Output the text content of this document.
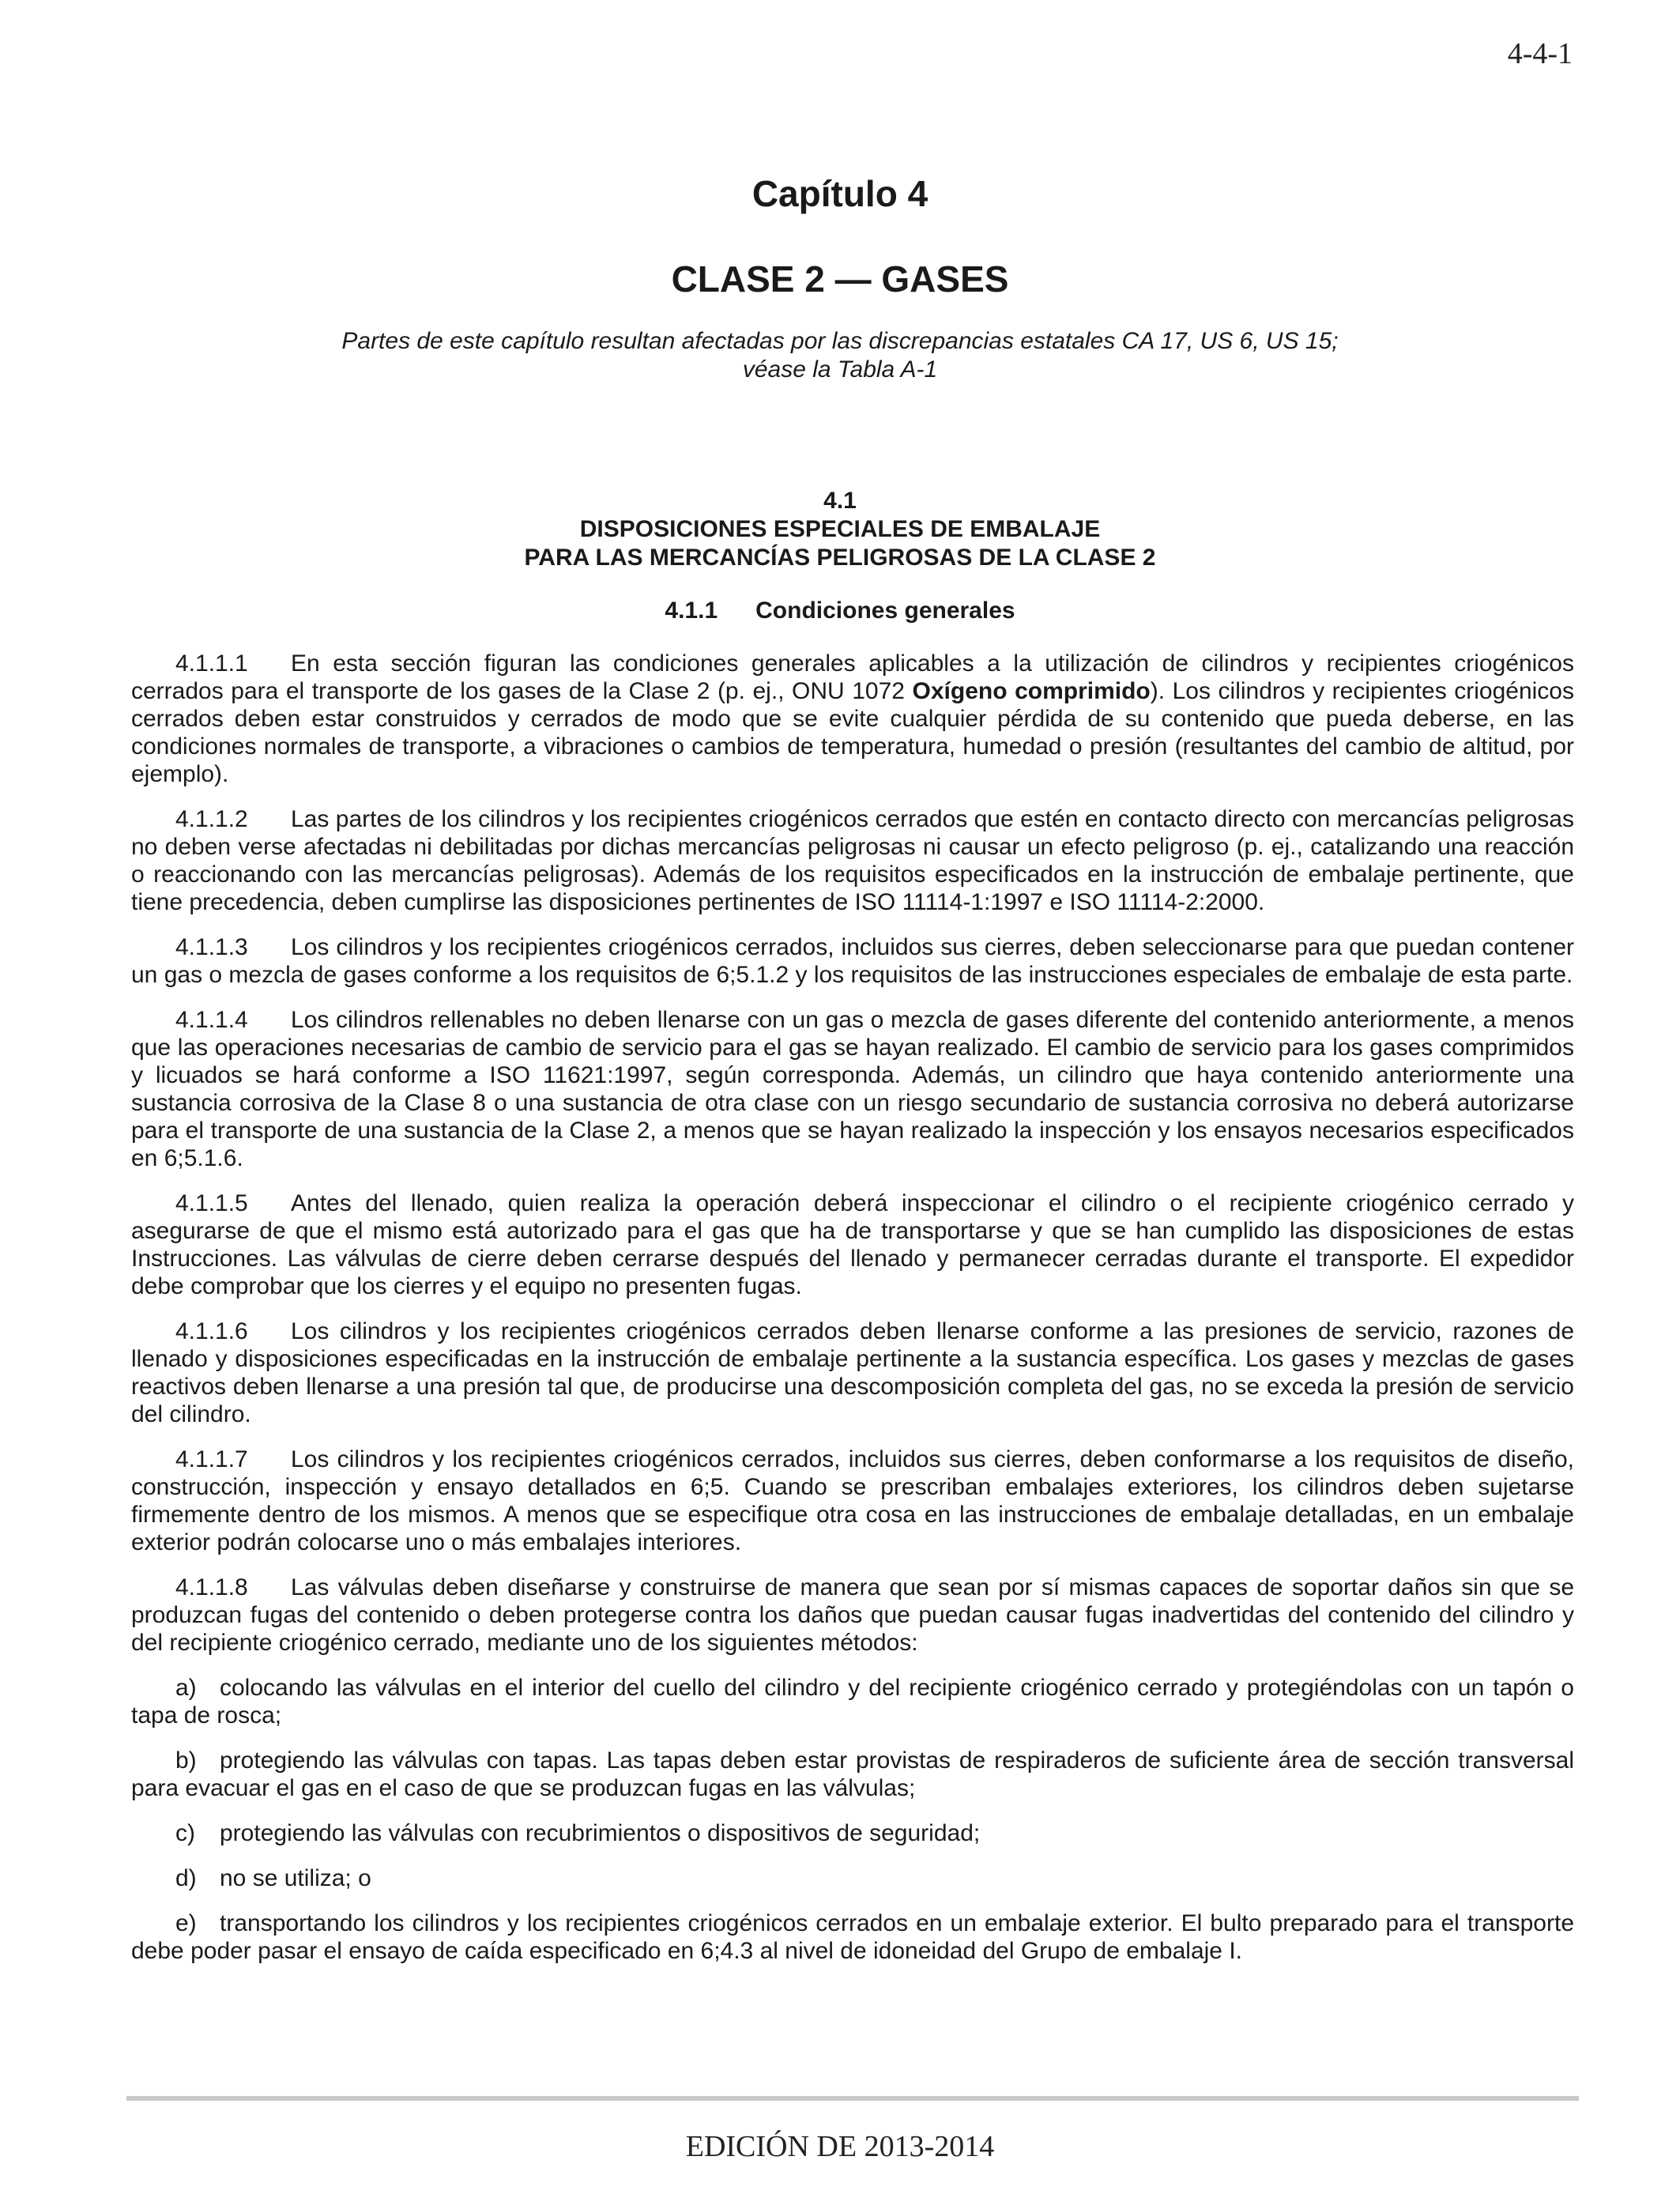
4-4-1
Capítulo 4
CLASE 2 — GASES
Partes de este capítulo resultan afectadas por las discrepancias estatales CA 17, US 6, US 15;
véase la Tabla A-1
4.1
DISPOSICIONES ESPECIALES DE EMBALAJE
PARA LAS MERCANCÍAS PELIGROSAS DE LA CLASE 2
4.1.1 Condiciones generales

4.1.1.1 En esta sección figuran las condiciones generales aplicables a la utilización de cilindros y recipientes criogénicos cerrados para el transporte de los gases de la Clase 2 (p. ej., ONU 1072 Oxígeno comprimido). Los cilindros y recipientes criogénicos cerrados deben estar construidos y cerrados de modo que se evite cualquier pérdida de su contenido que pueda deberse, en las condiciones normales de transporte, a vibraciones o cambios de temperatura, humedad o presión (resultantes del cambio de altitud, por ejemplo).

4.1.1.2 Las partes de los cilindros y los recipientes criogénicos cerrados que estén en contacto directo con mercancías peligrosas no deben verse afectadas ni debilitadas por dichas mercancías peligrosas ni causar un efecto peligroso (p. ej., catalizando una reacción o reaccionando con las mercancías peligrosas). Además de los requisitos especificados en la instrucción de embalaje pertinente, que tiene precedencia, deben cumplirse las disposiciones pertinentes de ISO 11114-1:1997 e ISO 11114-2:2000.

4.1.1.3 Los cilindros y los recipientes criogénicos cerrados, incluidos sus cierres, deben seleccionarse para que puedan contener un gas o mezcla de gases conforme a los requisitos de 6;5.1.2 y los requisitos de las instrucciones especiales de embalaje de esta parte.

4.1.1.4 Los cilindros rellenables no deben llenarse con un gas o mezcla de gases diferente del contenido anteriormente, a menos que las operaciones necesarias de cambio de servicio para el gas se hayan realizado. El cambio de servicio para los gases comprimidos y licuados se hará conforme a ISO 11621:1997, según corresponda. Además, un cilindro que haya contenido anteriormente una sustancia corrosiva de la Clase 8 o una sustancia de otra clase con un riesgo secundario de sustancia corrosiva no deberá autorizarse para el transporte de una sustancia de la Clase 2, a menos que se hayan realizado la inspección y los ensayos necesarios especificados en 6;5.1.6.

4.1.1.5 Antes del llenado, quien realiza la operación deberá inspeccionar el cilindro o el recipiente criogénico cerrado y asegurarse de que el mismo está autorizado para el gas que ha de transportarse y que se han cumplido las disposiciones de estas Instrucciones. Las válvulas de cierre deben cerrarse después del llenado y permanecer cerradas durante el transporte. El expedidor debe comprobar que los cierres y el equipo no presenten fugas.

4.1.1.6 Los cilindros y los recipientes criogénicos cerrados deben llenarse conforme a las presiones de servicio, razones de llenado y disposiciones especificadas en la instrucción de embalaje pertinente a la sustancia específica. Los gases y mezclas de gases reactivos deben llenarse a una presión tal que, de producirse una descomposición completa del gas, no se exceda la presión de servicio del cilindro.

4.1.1.7 Los cilindros y los recipientes criogénicos cerrados, incluidos sus cierres, deben conformarse a los requisitos de diseño, construcción, inspección y ensayo detallados en 6;5. Cuando se prescriban embalajes exteriores, los cilindros deben sujetarse firmemente dentro de los mismos. A menos que se especifique otra cosa en las instrucciones de embalaje detalladas, en un embalaje exterior podrán colocarse uno o más embalajes interiores.

4.1.1.8 Las válvulas deben diseñarse y construirse de manera que sean por sí mismas capaces de soportar daños sin que se produzcan fugas del contenido o deben protegerse contra los daños que puedan causar fugas inadvertidas del contenido del cilindro y del recipiente criogénico cerrado, mediante uno de los siguientes métodos:

a) colocando las válvulas en el interior del cuello del cilindro y del recipiente criogénico cerrado y protegiéndolas con un tapón o tapa de rosca;

b) protegiendo las válvulas con tapas. Las tapas deben estar provistas de respiraderos de suficiente área de sección transversal para evacuar el gas en el caso de que se produzcan fugas en las válvulas;

c) protegiendo las válvulas con recubrimientos o dispositivos de seguridad;

d) no se utiliza; o

e) transportando los cilindros y los recipientes criogénicos cerrados en un embalaje exterior. El bulto preparado para el transporte debe poder pasar el ensayo de caída especificado en 6;4.3 al nivel de idoneidad del Grupo de embalaje I.

EDICIÓN DE 2013-2014
